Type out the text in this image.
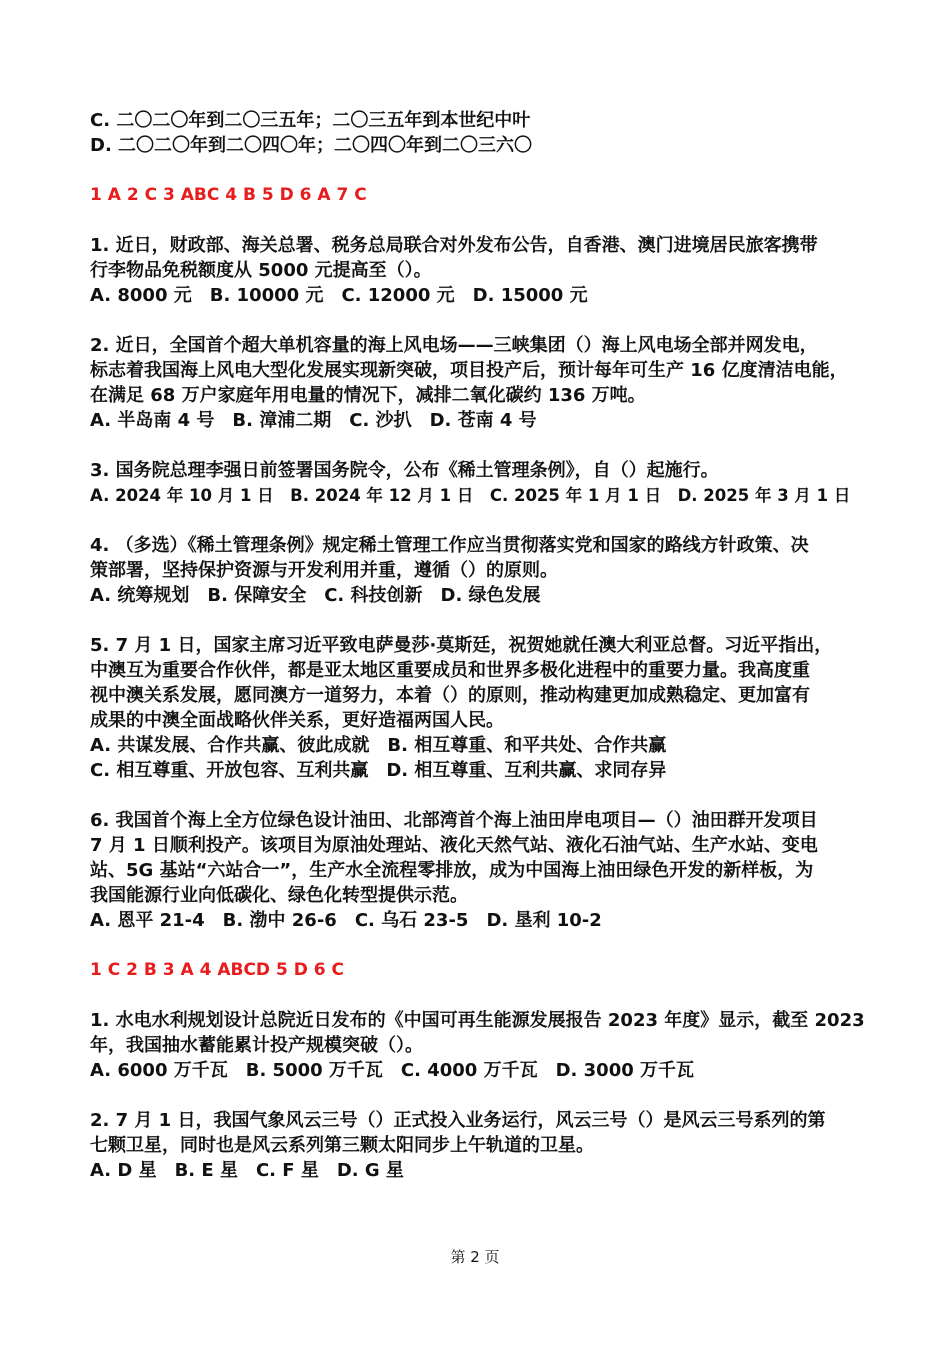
C. 二〇二〇年到二〇三五年；二〇三五年到本世纪中叶
D. 二〇二〇年到二〇四〇年；二〇四〇年到二〇三六〇
1 A 2 C 3 ABC 4 B 5 D 6 A 7 C
1. 近日，财政部、海关总署、税务总局联合对外发布公告，自香港、澳门进境居民旅客携带
行李物品免税额度从 5000 元提高至（）。
A. 8000 元　B. 10000 元　C. 12000 元　D. 15000 元
2. 近日，全国首个超大单机容量的海上风电场——三峡集团（）海上风电场全部并网发电，
标志着我国海上风电大型化发展实现新突破，项目投产后，预计每年可生产 16 亿度清洁电能，
在满足 68 万户家庭年用电量的情况下，减排二氧化碳约 136 万吨。
A. 半岛南 4 号　B. 漳浦二期　C. 沙扒　D. 苍南 4 号
3. 国务院总理李强日前签署国务院令，公布《稀土管理条例》，自（）起施行。
A. 2024 年 10 月 1 日　B. 2024 年 12 月 1 日　C. 2025 年 1 月 1 日　D. 2025 年 3 月 1 日
4. （多选）《稀土管理条例》规定稀土管理工作应当贯彻落实党和国家的路线方针政策、决
策部署，坚持保护资源与开发利用并重，遵循（）的原则。
A. 统筹规划　B. 保障安全　C. 科技创新　D. 绿色发展
5. 7 月 1 日，国家主席习近平致电萨曼莎·莫斯廷，祝贺她就任澳大利亚总督。习近平指出，
中澳互为重要合作伙伴，都是亚太地区重要成员和世界多极化进程中的重要力量。我高度重
视中澳关系发展，愿同澳方一道努力，本着（）的原则，推动构建更加成熟稳定、更加富有
成果的中澳全面战略伙伴关系，更好造福两国人民。
A. 共谋发展、合作共赢、彼此成就　B. 相互尊重、和平共处、合作共赢
C. 相互尊重、开放包容、互利共赢　D. 相互尊重、互利共赢、求同存异
6. 我国首个海上全方位绿色设计油田、北部湾首个海上油田岸电项目—（）油田群开发项目
7 月 1 日顺利投产。该项目为原油处理站、液化天然气站、液化石油气站、生产水站、变电
站、5G 基站“六站合一”，生产水全流程零排放，成为中国海上油田绿色开发的新样板，为
我国能源行业向低碳化、绿色化转型提供示范。
A. 恩平 21-4　B. 渤中 26-6　C. 乌石 23-5　D. 垦利 10-2
1 C 2 B 3 A 4 ABCD 5 D 6 C
1. 水电水利规划设计总院近日发布的《中国可再生能源发展报告 2023 年度》显示，截至 2023
年，我国抽水蓄能累计投产规模突破（）。
A. 6000 万千瓦　B. 5000 万千瓦　C. 4000 万千瓦　D. 3000 万千瓦
2. 7 月 1 日，我国气象风云三号（）正式投入业务运行，风云三号（）是风云三号系列的第
七颗卫星，同时也是风云系列第三颗太阳同步上午轨道的卫星。
A. D 星　B. E 星　C. F 星　D. G 星
第 2 页
